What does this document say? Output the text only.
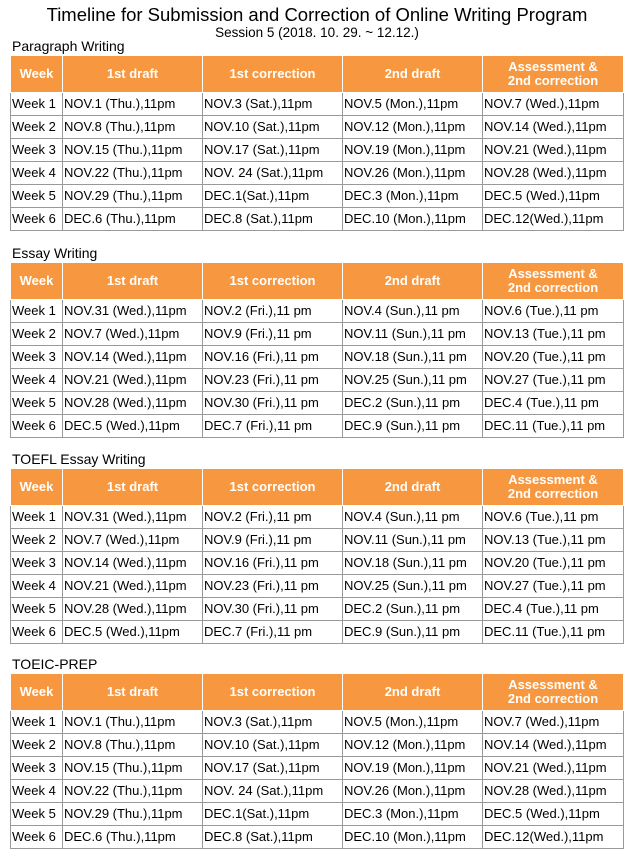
Timeline for Submission and Correction of Online Writing Program
Session 5 (2018. 10. 29. ~ 12.12.)
Paragraph Writing
Week	1st draft	1st correction	2nd draft	Assessment &
2nd correction

Week 1	NOV.1 (Thu.),11pm	NOV.3 (Sat.),11pm	NOV.5 (Mon.),11pm	NOV.7 (Wed.),11pm
Week 2	NOV.8 (Thu.),11pm	NOV.10 (Sat.),11pm	NOV.12 (Mon.),11pm	NOV.14 (Wed.),11pm
Week 3	NOV.15 (Thu.),11pm	NOV.17 (Sat.),11pm	NOV.19 (Mon.),11pm	NOV.21 (Wed.),11pm
Week 4	NOV.22 (Thu.),11pm	NOV. 24 (Sat.),11pm	NOV.26 (Mon.),11pm	NOV.28 (Wed.),11pm
Week 5	NOV.29 (Thu.),11pm	DEC.1(Sat.),11pm	DEC.3 (Mon.),11pm	DEC.5 (Wed.),11pm
Week 6	DEC.6 (Thu.),11pm	DEC.8 (Sat.),11pm	DEC.10 (Mon.),11pm	DEC.12(Wed.),11pm
Essay Writing
Week	1st draft	1st correction	2nd draft	Assessment &
2nd correction

Week 1	NOV.31 (Wed.),11pm	NOV.2 (Fri.),11 pm	NOV.4 (Sun.),11 pm	NOV.6 (Tue.),11 pm
Week 2	NOV.7 (Wed.),11pm	NOV.9 (Fri.),11 pm	NOV.11 (Sun.),11 pm	NOV.13 (Tue.),11 pm
Week 3	NOV.14 (Wed.),11pm	NOV.16 (Fri.),11 pm	NOV.18 (Sun.),11 pm	NOV.20 (Tue.),11 pm
Week 4	NOV.21 (Wed.),11pm	NOV.23 (Fri.),11 pm	NOV.25 (Sun.),11 pm	NOV.27 (Tue.),11 pm
Week 5	NOV.28 (Wed.),11pm	NOV.30 (Fri.),11 pm	DEC.2 (Sun.),11 pm	DEC.4 (Tue.),11 pm
Week 6	DEC.5 (Wed.),11pm	DEC.7 (Fri.),11 pm	DEC.9 (Sun.),11 pm	DEC.11 (Tue.),11 pm
TOEFL Essay Writing
Week	1st draft	1st correction	2nd draft	Assessment &
2nd correction

Week 1	NOV.31 (Wed.),11pm	NOV.2 (Fri.),11 pm	NOV.4 (Sun.),11 pm	NOV.6 (Tue.),11 pm
Week 2	NOV.7 (Wed.),11pm	NOV.9 (Fri.),11 pm	NOV.11 (Sun.),11 pm	NOV.13 (Tue.),11 pm
Week 3	NOV.14 (Wed.),11pm	NOV.16 (Fri.),11 pm	NOV.18 (Sun.),11 pm	NOV.20 (Tue.),11 pm
Week 4	NOV.21 (Wed.),11pm	NOV.23 (Fri.),11 pm	NOV.25 (Sun.),11 pm	NOV.27 (Tue.),11 pm
Week 5	NOV.28 (Wed.),11pm	NOV.30 (Fri.),11 pm	DEC.2 (Sun.),11 pm	DEC.4 (Tue.),11 pm
Week 6	DEC.5 (Wed.),11pm	DEC.7 (Fri.),11 pm	DEC.9 (Sun.),11 pm	DEC.11 (Tue.),11 pm
TOEIC-PREP
Week	1st draft	1st correction	2nd draft	Assessment &
2nd correction

Week 1	NOV.1 (Thu.),11pm	NOV.3 (Sat.),11pm	NOV.5 (Mon.),11pm	NOV.7 (Wed.),11pm
Week 2	NOV.8 (Thu.),11pm	NOV.10 (Sat.),11pm	NOV.12 (Mon.),11pm	NOV.14 (Wed.),11pm
Week 3	NOV.15 (Thu.),11pm	NOV.17 (Sat.),11pm	NOV.19 (Mon.),11pm	NOV.21 (Wed.),11pm
Week 4	NOV.22 (Thu.),11pm	NOV. 24 (Sat.),11pm	NOV.26 (Mon.),11pm	NOV.28 (Wed.),11pm
Week 5	NOV.29 (Thu.),11pm	DEC.1(Sat.),11pm	DEC.3 (Mon.),11pm	DEC.5 (Wed.),11pm
Week 6	DEC.6 (Thu.),11pm	DEC.8 (Sat.),11pm	DEC.10 (Mon.),11pm	DEC.12(Wed.),11pm
